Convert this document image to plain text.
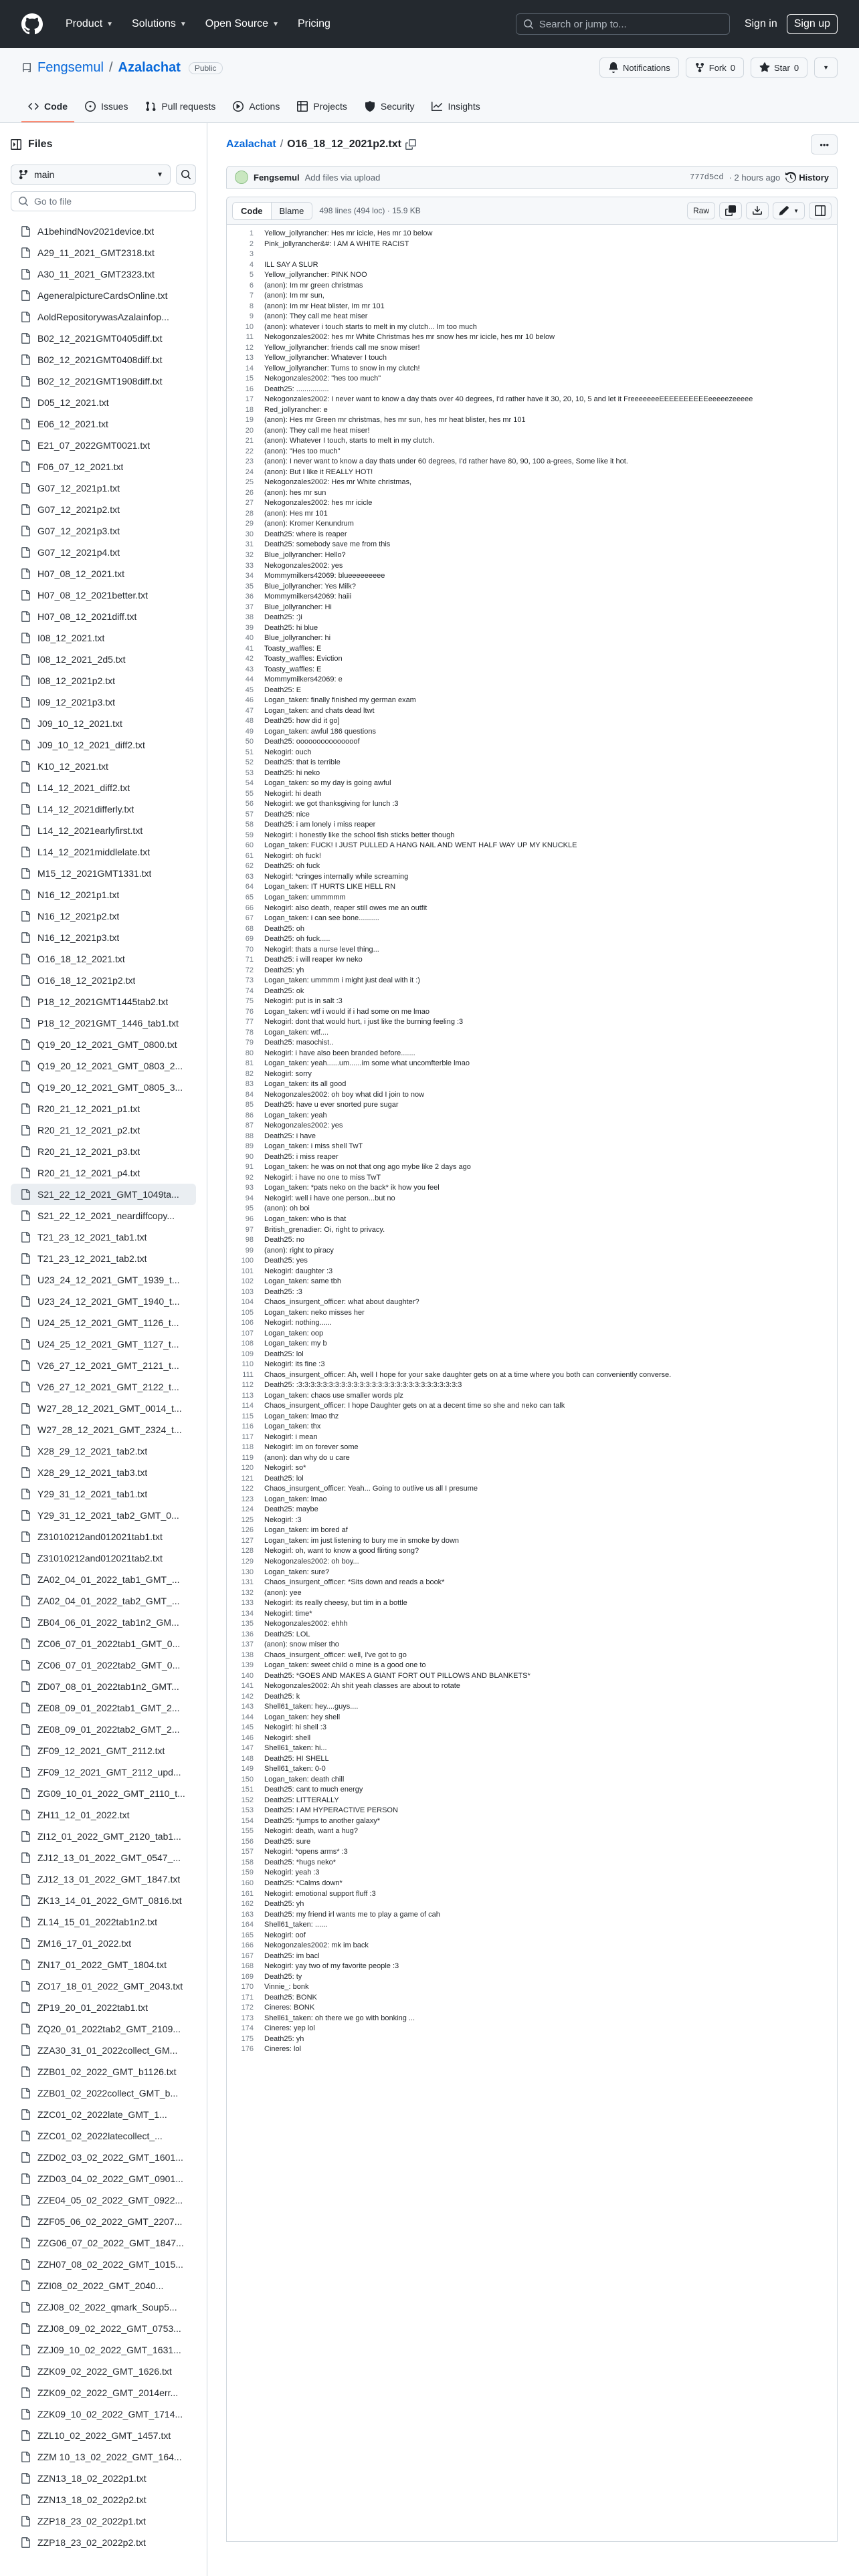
Product ▼ Solutions ▼ Open Source ▼ Pricing	Search or jump to...	Sign in	Sign up
Fengsemul / Azalachat	Public	Notifications	Fork 0	Star 0	▼
Code	Issues	Pull requests	Actions	Projects	Security	Insights
Files
main	▼
Go to file
A1behindNov2021device.txt
A29_11_2021_GMT2318.txt
A30_11_2021_GMT2323.txt
AgeneralpictureCardsOnline.txt
AoldRepositorywasAzalainfop...
B02_12_2021GMT0405diff.txt
B02_12_2021GMT0408diff.txt
B02_12_2021GMT1908diff.txt
D05_12_2021.txt
E06_12_2021.txt
E21_07_2022GMT0021.txt
F06_07_12_2021.txt
G07_12_2021p1.txt
G07_12_2021p2.txt
G07_12_2021p3.txt
G07_12_2021p4.txt
H07_08_12_2021.txt
H07_08_12_2021better.txt
H07_08_12_2021diff.txt
I08_12_2021.txt
I08_12_2021_2d5.txt
I08_12_2021p2.txt
I09_12_2021p3.txt
J09_10_12_2021.txt
J09_10_12_2021_diff2.txt
K10_12_2021.txt
L14_12_2021_diff2.txt
L14_12_2021differly.txt
L14_12_2021earlyfirst.txt
L14_12_2021middlelate.txt
M15_12_2021GMT1331.txt
N16_12_2021p1.txt
N16_12_2021p2.txt
N16_12_2021p3.txt
O16_18_12_2021.txt
O16_18_12_2021p2.txt
P18_12_2021GMT1445tab2.txt
P18_12_2021GMT_1446_tab1.txt
Q19_20_12_2021_GMT_0800.txt
Q19_20_12_2021_GMT_0803_2...
Q19_20_12_2021_GMT_0805_3...
R20_21_12_2021_p1.txt
R20_21_12_2021_p2.txt
R20_21_12_2021_p3.txt
R20_21_12_2021_p4.txt
S21_22_12_2021_GMT_1049ta...
S21_22_12_2021_neardiffcopy...
T21_23_12_2021_tab1.txt
T21_23_12_2021_tab2.txt
U23_24_12_2021_GMT_1939_t...
U23_24_12_2021_GMT_1940_t...
U24_25_12_2021_GMT_1126_t...
U24_25_12_2021_GMT_1127_t...
V26_27_12_2021_GMT_2121_t...
V26_27_12_2021_GMT_2122_t...
W27_28_12_2021_GMT_0014_t...
W27_28_12_2021_GMT_2324_t...
X28_29_12_2021_tab2.txt
X28_29_12_2021_tab3.txt
Y29_31_12_2021_tab1.txt
Y29_31_12_2021_tab2_GMT_0...
Z31010212and012021tab1.txt
Z31010212and012021tab2.txt
ZA02_04_01_2022_tab1_GMT_...
ZA02_04_01_2022_tab2_GMT_...
ZB04_06_01_2022_tab1n2_GM...
ZC06_07_01_2022tab1_GMT_0...
ZC06_07_01_2022tab2_GMT_0...
ZD07_08_01_2022tab1n2_GMT...
ZE08_09_01_2022tab1_GMT_2...
ZE08_09_01_2022tab2_GMT_2...
ZF09_12_2021_GMT_2112.txt
ZF09_12_2021_GMT_2112_upd...
ZG09_10_01_2022_GMT_2110_t...
ZH11_12_01_2022.txt
ZI12_01_2022_GMT_2120_tab1...
ZJ12_13_01_2022_GMT_0547_...
ZJ12_13_01_2022_GMT_1847.txt
ZK13_14_01_2022_GMT_0816.txt
ZL14_15_01_2022tab1n2.txt
ZM16_17_01_2022.txt
ZN17_01_2022_GMT_1804.txt
ZO17_18_01_2022_GMT_2043.txt
ZP19_20_01_2022tab1.txt
ZQ20_01_2022tab2_GMT_2109...
ZZA30_31_01_2022collect_GM...
ZZB01_02_2022_GMT_b1126.txt
ZZB01_02_2022collect_GMT_b...
ZZC01_02_2022late_GMT_1...
ZZC01_02_2022latecollect_...
ZZD02_03_02_2022_GMT_1601...
ZZD03_04_02_2022_GMT_0901...
ZZE04_05_02_2022_GMT_0922...
ZZF05_06_02_2022_GMT_2207...
ZZG06_07_02_2022_GMT_1847...
ZZH07_08_02_2022_GMT_1015...
ZZI08_02_2022_GMT_2040...
ZZJ08_02_2022_qmark_Soup5...
ZZJ08_09_02_2022_GMT_0753...
ZZJ09_10_02_2022_GMT_1631...
ZZK09_02_2022_GMT_1626.txt
ZZK09_02_2022_GMT_2014err...
ZZK09_10_02_2022_GMT_1714...
ZZL10_02_2022_GMT_1457.txt
ZZM 10_13_02_2022_GMT_164...
ZZN13_18_02_2022p1.txt
ZZN13_18_02_2022p2.txt
ZZP18_23_02_2022p1.txt
ZZP18_23_02_2022p2.txt
Azalachat / O16_18_12_2021p2.txt	•••
Fengsemul Add files via upload	777d5cd · 2 hours ago History
Code	Blame	498 lines (494 loc) · 15.9 KB	Raw	▼
1	Yellow_jollyrancher: Hes mr icicle, Hes mr 10 below
2	Pink_jollyrancher&#: I AM A WHITE RACIST
3
4	ILL SAY A SLUR
5	Yellow_jollyrancher: PINK NOO
6	(anon): Im mr green christmas
7	(anon): Im mr sun,
8	(anon): Im mr Heat blister, Im mr 101
9	(anon): They call me heat miser
10	(anon): whatever i touch starts to melt in my clutch... Im too much
11	Nekogonzales2002: hes mr White Christmas hes mr snow hes mr icicle, hes mr 10 below
12	Yellow_jollyrancher: friends call me snow miser!
13	Yellow_jollyrancher: Whatever I touch
14	Yellow_jollyrancher: Turns to snow in my clutch!
15	Nekogonzales2002: "hes too much"
16	Death25: ................
17	Nekogonzales2002: I never want to know a day thats over 40 degrees, I'd rather have it 30, 20, 10, 5 and let it FreeeeeeeEEEEEEEEEEeeeeezeeeee
18	Red_jollyrancher: e
19	(anon): Hes mr Green mr christmas, hes mr sun, hes mr heat blister, hes mr 101
20	(anon): They call me heat miser!
21	(anon): Whatever I touch, starts to melt in my clutch.
22	(anon): "Hes too much"
23	(anon): I never want to know a day thats under 60 degrees, I'd rather have 80, 90, 100 a-grees, Some like it hot.
24	(anon): But I like it REALLY HOT!
25	Nekogonzales2002: Hes mr White christmas,
26	(anon): hes mr sun
27	Nekogonzales2002: hes mr icicle
28	(anon): Hes mr 101
29	(anon): Kromer Kenundrum
30	Death25: where is reaper
31	Death25: somebody save me from this
32	Blue_jollyrancher: Hello?
33	Nekogonzales2002: yes
34	Mommymilkers42069: blueeeeeeeee
35	Blue_jollyrancher: Yes Milk?
36	Mommymilkers42069: haiii
37	Blue_jollyrancher: Hi
38	Death25: :)i
39	Death25: hi blue
40	Blue_jollyrancher: hi
41	Toasty_waffles: E
42	Toasty_waffles: Eviction
43	Toasty_waffles: E
44	Mommymilkers42069: e
45	Death25: E
46	Logan_taken: finally finished my german exam
47	Logan_taken: and chats dead ltwt
48	Death25: how did it go]
49	Logan_taken: awful 186 questions
50	Death25: ooooooooooooooof
51	Nekogirl: ouch
52	Death25: that is terrible
53	Death25: hi neko
54	Logan_taken: so my day is going awful
55	Nekogirl: hi death
56	Nekogirl: we got thanksgiving for lunch :3
57	Death25: nice
58	Death25: i am lonely i miss reaper
59	Nekogirl: i honestly like the school fish sticks better though
60	Logan_taken: FUCK! I JUST PULLED A HANG NAIL AND WENT HALF WAY UP MY KNUCKLE
61	Nekogirl: oh fuck!
62	Death25: oh fuck
63	Nekogirl: *cringes internally while screaming
64	Logan_taken: IT HURTS LIKE HELL RN
65	Logan_taken: ummmmm
66	Nekogirl: also death, reaper still owes me an outfit
67	Logan_taken: i can see bone..........
68	Death25: oh
69	Death25: oh fuck.....
70	Nekogirl: thats a nurse level thing...
71	Death25: i will reaper kw neko
72	Death25: yh
73	Logan_taken: ummmm i might just deal with it :)
74	Death25: ok
75	Nekogirl: put is in salt :3
76	Logan_taken: wtf i would if i had some on me lmao
77	Nekogirl: dont that would hurt, i just like the burning feeling :3
78	Logan_taken: wtf....
79	Death25: masochist..
80	Nekogirl: i have also been branded before.......
81	Logan_taken: yeah......um......im some what uncomfterble lmao
82	Nekogirl: sorry
83	Logan_taken: its all good
84	Nekogonzales2002: oh boy what did I join to now
85	Death25: have u ever snorted pure sugar
86	Logan_taken: yeah
87	Nekogonzales2002: yes
88	Death25: i have
89	Logan_taken: i miss shell TwT
90	Death25: i miss reaper
91	Logan_taken: he was on not that ong ago mybe like 2 days ago
92	Nekogirl: i have no one to miss TwT
93	Logan_taken: *pats neko on the back* ik how you feel
94	Nekogirl: well i have one person...but no
95	(anon): oh boi
96	Logan_taken: who is that
97	British_grenadier: Oi, right to privacy.
98	Death25: no
99	(anon): right to piracy
100	Death25: yes
101	Nekogirl: daughter :3
102	Logan_taken: same tbh
103	Death25: :3
104	Chaos_insurgent_officer: what about daughter?
105	Logan_taken: neko misses her
106	Nekogirl: nothing......
107	Logan_taken: oop
108	Logan_taken: my b
109	Death25: lol
110	Nekogirl: its fine :3
111	Chaos_insurgent_officer: Ah, well I hope for your sake daughter gets on at a time where you both can conveniently converse.
112	Death25: :3:3:3:3:3:3:3:3:3:3:3:3:3:3:3:3:3:3:3:3:3:3:3:3:3:3:3
113	Logan_taken: chaos use smaller words plz
114	Chaos_insurgent_officer: I hope Daughter gets on at a decent time so she and neko can talk
115	Logan_taken: lmao thz
116	Logan_taken: thx
117	Nekogirl: i mean
118	Nekogirl: im on forever some
119	(anon): dan why do u care
120	Nekogirl: so*
121	Death25: lol
122	Chaos_insurgent_officer: Yeah... Going to outlive us all I presume
123	Logan_taken: lmao
124	Death25: maybe
125	Nekogirl: :3
126	Logan_taken: im bored af
127	Logan_taken: im just listening to bury me in smoke by down
128	Nekogirl: oh, want to know a good flirting song?
129	Nekogonzales2002: oh boy...
130	Logan_taken: sure?
131	Chaos_insurgent_officer: *Sits down and reads a book*
132	(anon): yee
133	Nekogirl: its really cheesy, but tim in a bottle
134	Nekogirl: time*
135	Nekogonzales2002: ehhh
136	Death25: LOL
137	(anon): snow miser tho
138	Chaos_insurgent_officer: well, I've got to go
139	Logan_taken: sweet child o mine is a good one to
140	Death25: *GOES AND MAKES A GIANT FORT OUT PILLOWS AND BLANKETS*
141	Nekogonzales2002: Ah shit yeah classes are about to rotate
142	Death25: k
143	Shell61_taken: hey....guys....
144	Logan_taken: hey shell
145	Nekogirl: hi shell :3
146	Nekogirl: shell
147	Shell61_taken: hi...
148	Death25: HI SHELL
149	Shell61_taken: 0-0
150	Logan_taken: death chill
151	Death25: cant to much energy
152	Death25: LITTERALLY
153	Death25: I AM HYPERACTIVE PERSON
154	Death25: *jumps to another galaxy*
155	Nekogirl: death, want a hug?
156	Death25: sure
157	Nekogirl: *opens arms* :3
158	Death25: *hugs neko*
159	Nekogirl: yeah :3
160	Death25: *Calms down*
161	Nekogirl: emotional support fluff :3
162	Death25: yh
163	Death25: my friend irl wants me to play a game of cah
164	Shell61_taken: ......
165	Nekogirl: oof
166	Nekogonzales2002: mk im back
167	Death25: im bacl
168	Nekogirl: yay two of my favorite people :3
169	Death25: ty
170	Vinnie_: bonk
171	Death25: BONK
172	Cineres: BONK
173	Shell61_taken: oh there we go with bonking ...
174	Cineres: yep lol
175	Death25: yh
176	Cineres: lol
